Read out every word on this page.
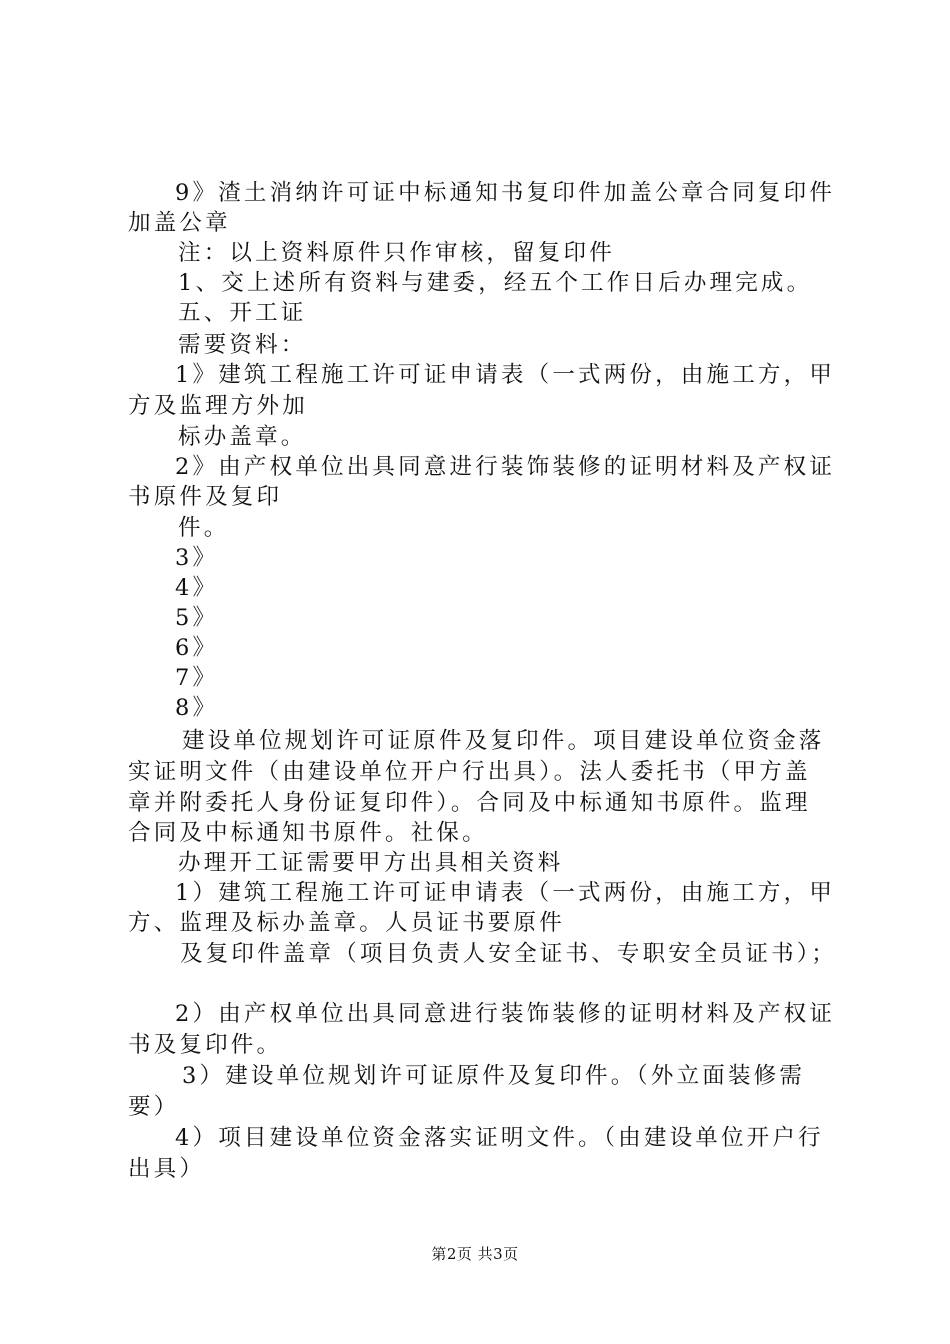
9》渣土消纳许可证中标通知书复印件加盖公章合同复印件
加盖公章
注：以上资料原件只作审核，留复印件
1、交上述所有资料与建委，经五个工作日后办理完成。
五、开工证
需要资料：
1》建筑工程施工许可证申请表（一式两份，由施工方，甲
方及监理方外加
标办盖章。
2》由产权单位出具同意进行装饰装修的证明材料及产权证
书原件及复印
件。
3》
4》
5》
6》
7》
8》
建设单位规划许可证原件及复印件。项目建设单位资金落
实证明文件（由建设单位开户行出具）。法人委托书（甲方盖
章并附委托人身份证复印件）。合同及中标通知书原件。监理
合同及中标通知书原件。社保。
办理开工证需要甲方出具相关资料
1）建筑工程施工许可证申请表（一式两份，由施工方，甲
方、监理及标办盖章。人员证书要原件
及复印件盖章（项目负责人安全证书、专职安全员证书）；
2）由产权单位出具同意进行装饰装修的证明材料及产权证
书及复印件。
3）建设单位规划许可证原件及复印件。（外立面装修需
要）
4）项目建设单位资金落实证明文件。（由建设单位开户行
出具）
第2页 共3页
